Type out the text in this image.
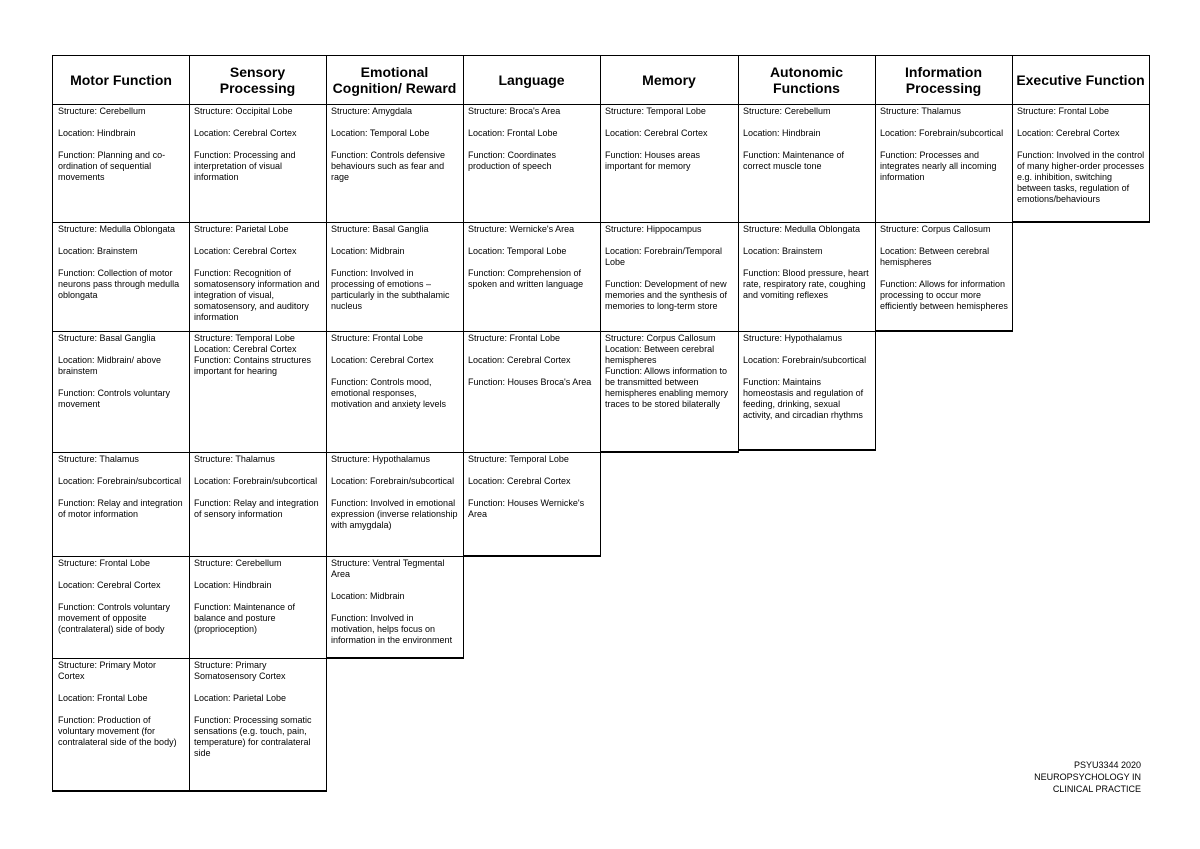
Motor Function

Structure: Cerebellum

Location: Hindbrain

Function: Planning and co-ordination of sequential movements

Structure: Medulla Oblongata

Location: Brainstem

Function: Collection of motor neurons pass through medulla oblongata

Structure: Basal Ganglia

Location: Midbrain/ above brainstem

Function: Controls voluntary movement

Structure: Thalamus

Location: Forebrain/subcortical

Function: Relay and integration of motor information

Structure: Frontal Lobe

Location: Cerebral Cortex

Function: Controls voluntary movement of opposite (contralateral) side of body

Structure: Primary Motor Cortex

Location: Frontal Lobe

Function: Production of voluntary movement (for contralateral side of the body)

Sensory Processing

Structure: Occipital Lobe

Location: Cerebral Cortex

Function: Processing and interpretation of visual information

Structure: Parietal Lobe

Location: Cerebral Cortex

Function: Recognition of somatosensory information and integration of visual, somatosensory, and auditory information

Structure: Temporal Lobe
Location: Cerebral Cortex
Function: Contains structures important for hearing

Structure: Thalamus

Location: Forebrain/subcortical

Function: Relay and integration of sensory information

Structure: Cerebellum

Location: Hindbrain

Function: Maintenance of balance and posture (proprioception)

Structure: Primary Somatosensory Cortex

Location: Parietal Lobe

Function: Processing somatic sensations (e.g. touch, pain, temperature) for contralateral side

Emotional Cognition/ Reward

Structure: Amygdala

Location: Temporal Lobe

Function: Controls defensive behaviours such as fear and rage

Structure: Basal Ganglia

Location: Midbrain

Function: Involved in processing of emotions – particularly in the subthalamic nucleus

Structure: Frontal Lobe

Location: Cerebral Cortex

Function: Controls mood, emotional responses, motivation and anxiety levels

Structure: Hypothalamus

Location: Forebrain/subcortical

Function: Involved in emotional expression (inverse relationship with amygdala)

Structure: Ventral Tegmental Area

Location: Midbrain

Function: Involved in motivation, helps focus on information in the environment

Language

Structure: Broca's Area

Location: Frontal Lobe

Function: Coordinates production of speech

Structure: Wernicke's Area

Location: Temporal Lobe

Function: Comprehension of spoken and written language

Structure: Frontal Lobe

Location: Cerebral Cortex

Function: Houses Broca's Area

Structure: Temporal Lobe

Location: Cerebral Cortex

Function: Houses Wernicke's Area

Memory

Structure: Temporal Lobe

Location: Cerebral Cortex

Function: Houses areas important for memory

Structure: Hippocampus

Location: Forebrain/Temporal Lobe

Function: Development of new memories and the synthesis of memories to long-term store

Structure: Corpus Callosum
Location: Between cerebral hemispheres
Function: Allows information to be transmitted between hemispheres enabling memory traces to be stored bilaterally

Autonomic Functions

Structure: Cerebellum

Location: Hindbrain

Function: Maintenance of correct muscle tone

Structure: Medulla Oblongata

Location: Brainstem

Function: Blood pressure, heart rate, respiratory rate, coughing and vomiting reflexes

Structure: Hypothalamus

Location: Forebrain/subcortical

Function: Maintains homeostasis and regulation of feeding, drinking, sexual activity, and circadian rhythms

Information Processing

Structure: Thalamus

Location: Forebrain/subcortical

Function: Processes and integrates nearly all incoming information

Structure: Corpus Callosum

Location: Between cerebral hemispheres

Function: Allows for information processing to occur more efficiently between hemispheres

Executive Function

Structure: Frontal Lobe

Location: Cerebral Cortex

Function: Involved in the control of many higher-order processes e.g. inhibition, switching between tasks, regulation of emotions/behaviours

PSYU3344 2020
NEUROPSYCHOLOGY IN
CLINICAL PRACTICE
